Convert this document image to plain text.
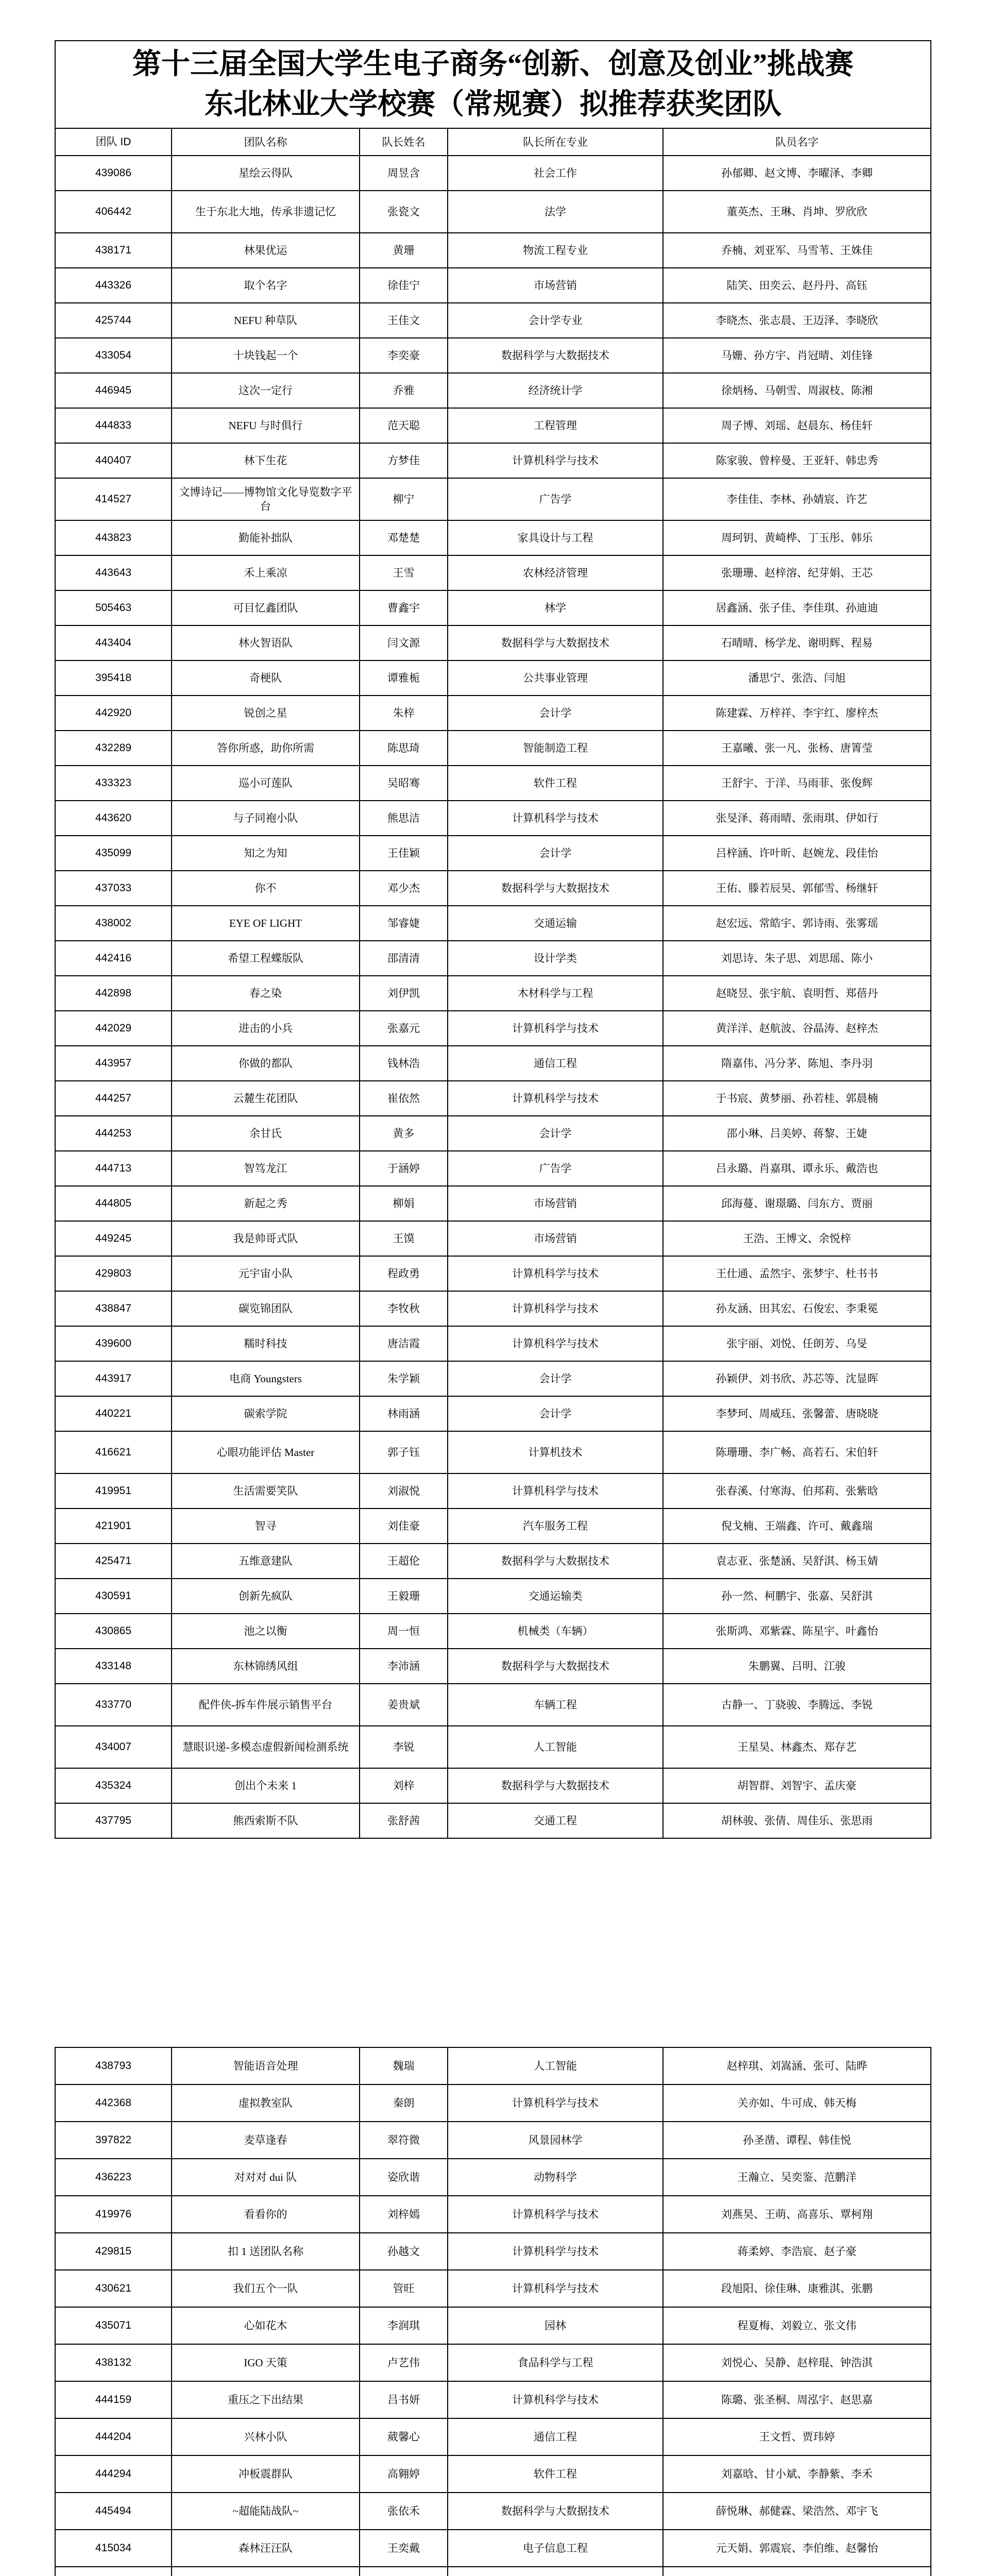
第十三届全国大学生电子商务“创新、创意及创业”挑战赛
东北林业大学校赛（常规赛）拟推荐获奖团队				

团队 ID	团队名称	队长姓名	队长所在专业	队员名字
439086	星绘云得队	周昱含	社会工作	孙郁卿、赵文博、李曜泽、李卿
406442	生于东北大地，传承非遗记忆	张瓷文	法学	董英杰、王琳、肖坤、罗欣欣
438171	林果优运	黄珊	物流工程专业	乔楠、刘亚军、马雪苇、王姝佳
443326	取个名字	徐佳宁	市场营销	陆笑、田奕云、赵丹丹、高钰
425744	NEFU 种草队	王佳文	会计学专业	李晓杰、张志晨、王迈泽、李晓欣
433054	十块钱起一个	李奕豪	数据科学与大数据技术	马姗、孙方宇、肖冠晴、刘佳锋
446945	这次一定行	乔雅	经济统计学	徐炳杨、马朝雪、周淑枝、陈湘
444833	NEFU 与时俱行	范天聪	工程管理	周子博、刘瑶、赵晨东、杨佳轩
440407	林下生花	方梦佳	计算机科学与技术	陈家骏、曾梓曼、王亚轩、韩忠秀
414527	文博诗记——博物馆文化导览数字平台	柳宁	广告学	李佳佳、李林、孙婧宸、许艺
443823	勤能补拙队	邓楚楚	家具设计与工程	周珂钥、黄崎桦、丁玉彤、韩乐
443643	禾上乘凉	王雪	农林经济管理	张珊珊、赵梓溶、纪芽娟、王芯
505463	可目忆鑫团队	曹鑫宇	林学	居鑫涵、张子佳、李佳琪、孙迪迪
443404	林火智语队	闫文源	数据科学与大数据技术	石晴晴、杨学龙、谢明辉、程易
395418	奇梗队	谭雅栀	公共事业管理	潘思宁、张浩、闫旭
442920	锐创之星	朱梓	会计学	陈建霖、万梓祥、李宇红、廖梓杰
432289	答你所惑，助你所需	陈思琦	智能制造工程	王嘉曦、张一凡、张杨、唐箐莹
433323	巡小可莲队	吴昭骞	软件工程	王舒宇、于洋、马雨菲、张俊辉
443620	与子同袍小队	熊思洁	计算机科学与技术	张旻泽、蒋雨晴、张雨琪、伊如行
435099	知之为知	王佳颖	会计学	吕梓涵、许叶昕、赵婉龙、段佳怡
437033	你不	邓少杰	数据科学与大数据技术	王佑、滕若辰昊、郭郁雪、杨继轩
438002	EYE OF LIGHT	邹睿婕	交通运输	赵宏远、常皓宇、郭诗雨、张雾瑶
442416	希望工程蝶版队	邵清清	设计学类	刘思诗、朱子思、刘思瑶、陈小
442898	春之染	刘伊凯	木材科学与工程	赵晓昱、张宇航、袁明哲、郑蓓丹
442029	进击的小兵	张嘉元	计算机科学与技术	黄洋洋、赵航波、谷晶涛、赵梓杰
443957	你做的都队	钱林浩	通信工程	隋嘉伟、冯分茅、陈旭、李丹羽
444257	云麓生花团队	崔依然	计算机科学与技术	于书宸、黄梦丽、孙若桂、郭晨楠
444253	余甘氏	黄多	会计学	邵小琳、吕美婷、蒋黎、王婕
444713	智笃龙江	于涵婷	广告学	吕永璐、肖嘉琪、谭永乐、戴浩也
444805	新起之秀	柳娟	市场营销	邱海蔓、谢璟璐、闫东方、贾丽
449245	我是帅哥式队	王馍	市场营销	王浩、王博文、余悦梓
429803	元宇宙小队	程政勇	计算机科学与技术	王仕通、孟然宇、张梦宇、杜书书
438847	碳览锦团队	李牧秋	计算机科学与技术	孙友涵、田其宏、石俊宏、李秉冕
439600	糯时科技	唐洁霞	计算机科学与技术	张宇丽、刘悦、任朗芳、乌旻
443917	电商 Youngsters	朱学颖	会计学	孙颖伊、刘书欣、苏芯等、沈显晖
440221	碳索学院	林雨涵	会计学	李梦珂、周威珏、张馨蕾、唐晓晓
416621	心眼功能评估 Master	郭子钰	计算机技术	陈珊珊、李广畅、高若石、宋伯轩
419951	生活需要笑队	刘淑悦	计算机科学与技术	张春溪、付寒海、伯邦莉、张紫晗
421901	智寻	刘佳豪	汽车服务工程	倪戈楠、王端鑫、许可、戴鑫瑞
425471	五维意建队	王超伦	数据科学与大数据技术	袁志亚、张楚涵、吴舒淇、杨玉婧
430591	创新先疯队	王毅珊	交通运输类	孙一然、柯鹏宇、张嘉、吴舒淇
430865	池之以衡	周一恒	机械类（车辆）	张斯鸿、邓紫霖、陈星宇、叶鑫怡
433148	东林锦绣风组	李沛涵	数据科学与大数据技术	朱鹏翼、吕明、江骏
433770	配件侠-拆车件展示销售平台	姜贵斌	车辆工程	古静一、丁骁骏、李腾远、李锐
434007	慧眼识递-多模态虚假新闻检测系统	李锐	人工智能	王星昊、林鑫杰、郑存艺
435324	创出个未来 1	刘梓	数据科学与大数据技术	胡智群、刘智宇、孟庆豪
437795	熊西索斯不队	张舒茜	交通工程	胡林骏、张倩、周佳乐、张思雨
438793	智能语音处理	魏瑞	人工智能	赵梓琪、刘嵩涵、张可、陆晔
442368	虚拟教室队	秦朗	计算机科学与技术	关亦如、牛可成、韩天梅
397822	麦草逢春	翠符微	风景园林学	孙圣凿、谭程、韩佳悦
436223	对对对 dui 队	姿欣谐	动物科学	王瀚立、吴奕鉴、范鹏洋
419976	看看你的	刘梓嫣	计算机科学与技术	刘燕昊、王萌、高喜乐、覃柯翔
429815	扣 1 送团队名称	孙越文	计算机科学与技术	蒋柔婷、李浩宸、赵子豪
430621	我们五个一队	管旺	计算机科学与技术	段旭阳、徐佳琳、康雅淇、张鹏
435071	心如花木	李润琪	园林	程夏梅、刘毅立、张文伟
438132	IGO 天策	卢艺伟	食品科学与工程	刘悦心、吴静、赵梓琨、钟浩淇
444159	重压之下出结果	吕书妍	计算机科学与技术	陈璐、张圣桐、周泓宇、赵思嘉
444204	兴林小队	葳馨心	通信工程	王文哲、贾玮婷
444294	冲板震群队	高翱婷	软件工程	刘嘉晗、甘小斌、李静紫、李禾
445494	~超能陆战队~	张依禾	数据科学与大数据技术	薛悦琳、郝健霖、梁浩然、邓宇飞
415034	森林汪汪队	王奕戴	电子信息工程	元天娟、郭震宸、李伯维、赵馨怡
